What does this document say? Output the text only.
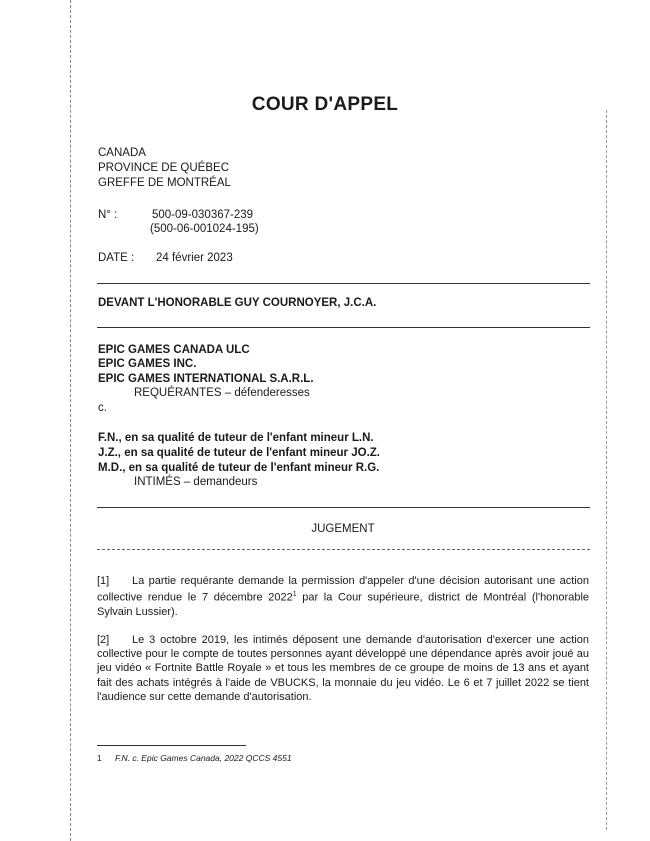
COUR D'APPEL
CANADA
PROVINCE DE QUÉBEC
GREFFE DE MONTRÉAL
N° :	500-09-030367-239
(500-06-001024-195)
DATE : 24 février 2023
DEVANT L'HONORABLE GUY COURNOYER, J.C.A.
EPIC GAMES CANADA ULC
EPIC GAMES INC.
EPIC GAMES INTERNATIONAL S.A.R.L.
REQUÉRANTES – défenderesses
c.
F.N., en sa qualité de tuteur de l'enfant mineur L.N.
J.Z., en sa qualité de tuteur de l'enfant mineur JO.Z.
M.D., en sa qualité de tuteur de l'enfant mineur R.G.
INTIMÉS – demandeurs
JUGEMENT
[1] La partie requérante demande la permission d'appeler d'une décision autorisant une action collective rendue le 7 décembre 2022$^1$ par la Cour supérieure, district de Montréal (l'honorable Sylvain Lussier).
[2] Le 3 octobre 2019, les intimés déposent une demande d'autorisation d'exercer une action collective pour le compte de toutes personnes ayant développé une dépendance après avoir joué au jeu vidéo « Fortnite Battle Royale » et tous les membres de ce groupe de moins de 13 ans et ayant fait des achats intégrés à l'aide de VBUCKS, la monnaie du jeu vidéo. Le 6 et 7 juillet 2022 se tient l'audience sur cette demande d'autorisation.
1 F.N. c. Epic Games Canada, 2022 QCCS 4551
